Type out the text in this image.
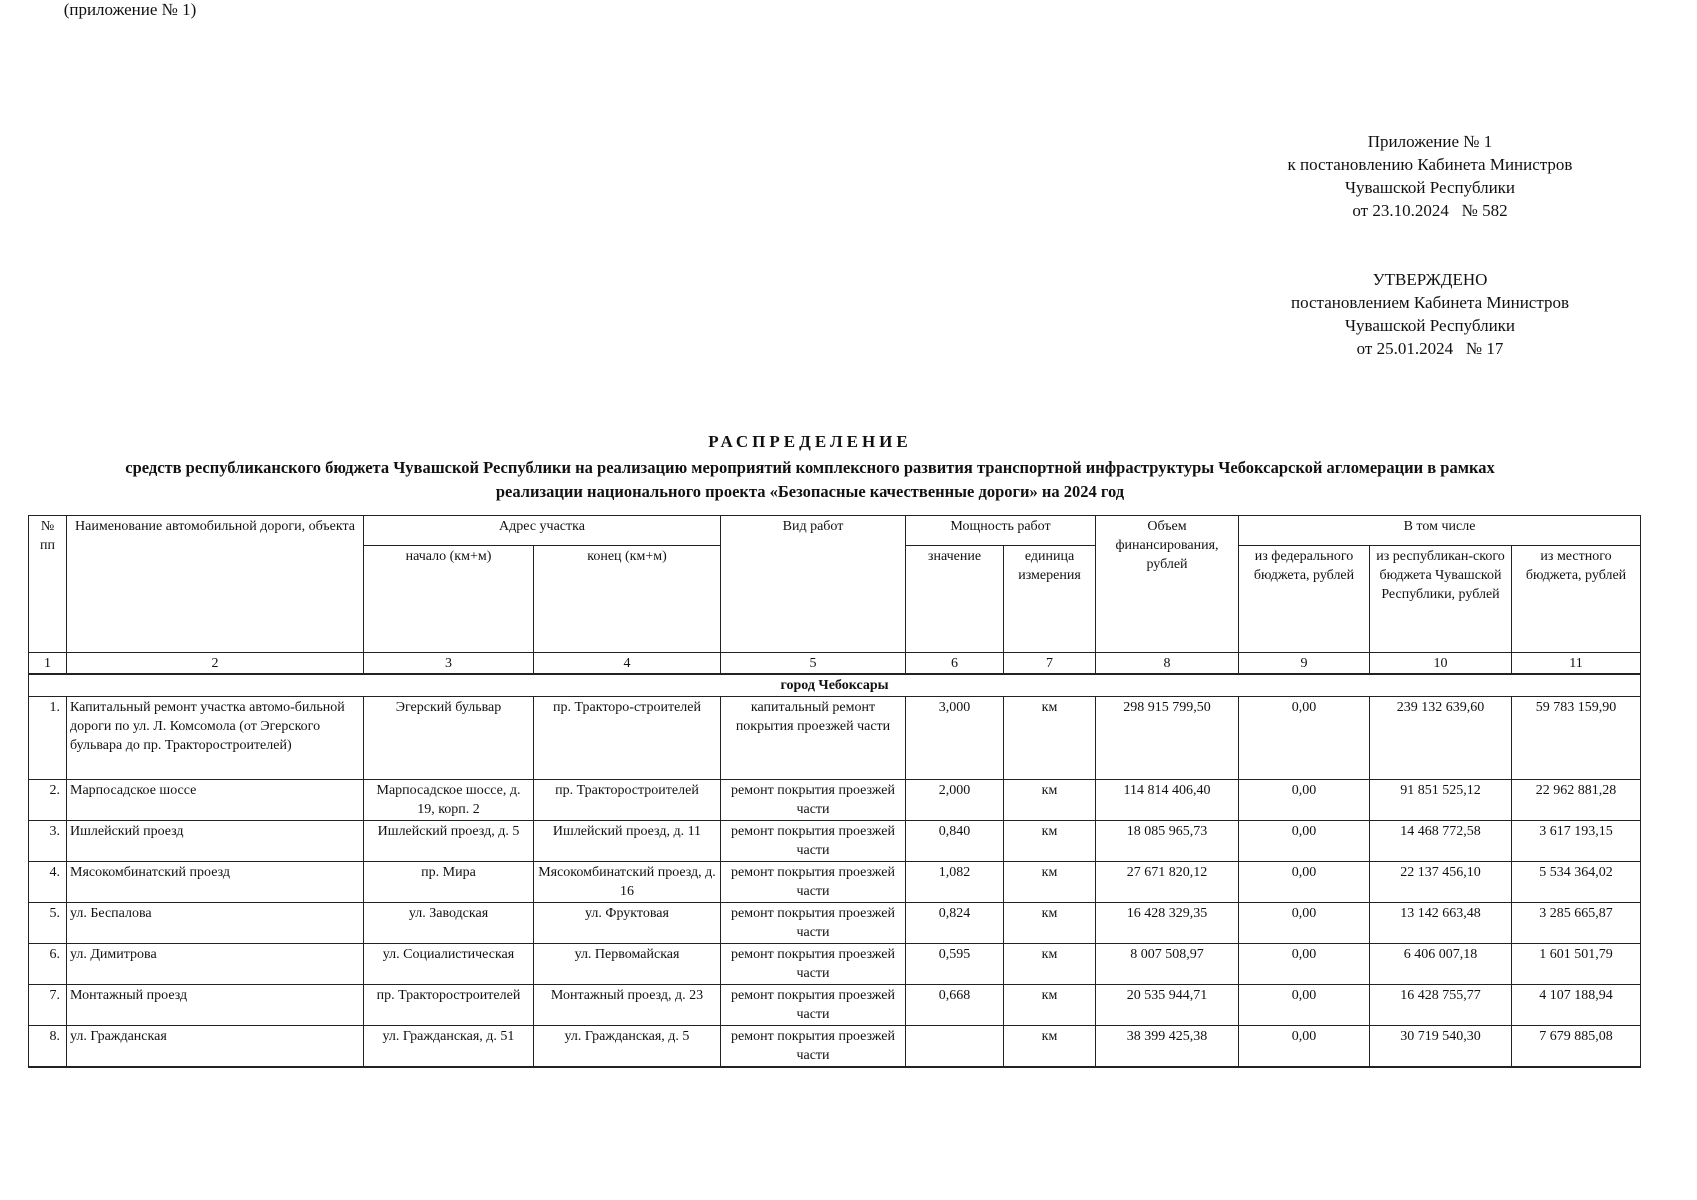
Приложение № 1
к постановлению Кабинета Министров
Чувашской Республики
от 23.10.2024   № 582
УТВЕРЖДЕНО
постановлением Кабинета Министров
Чувашской Республики
от 25.01.2024   № 17
(приложение № 1)
РАСПРЕДЕЛЕНИЕ
средств республиканского бюджета Чувашской Республики на реализацию мероприятий комплексного развития транспортной инфраструктуры Чебоксарской агломерации в рамках
реализации национального проекта «Безопасные качественные дороги» на 2024 год
№ пп	Наименование автомобильной дороги, объекта	Адрес участка		Вид работ	Мощность работ		Объем финансирования, рублей	В том числе		
		начало (км+м)	конец (км+м)		значение	единица измерения		из федерального бюджета, рублей	из республикан-ского бюджета Чувашской Республики, рублей	из местного бюджета, рублей
1	2	3	4	5	6	7	8	9	10	11
город Чебоксары										
1.	Капитальный ремонт участка автомо-бильной дороги по ул. Л. Комсомола (от Эгерского бульвара до пр. Тракторостроителей)	Эгерский бульвар	пр. Тракторо-строителей	капитальный ремонт покрытия проезжей части	3,000	км	298 915 799,50	0,00	239 132 639,60	59 783 159,90
2.	Марпосадское шоссе	Марпосадское шоссе, д. 19, корп. 2	пр. Тракторостроителей	ремонт покрытия проезжей части	2,000	км	114 814 406,40	0,00	91 851 525,12	22 962 881,28
3.	Ишлейский проезд	Ишлейский проезд, д. 5	Ишлейский проезд, д. 11	ремонт покрытия проезжей части	0,840	км	18 085 965,73	0,00	14 468 772,58	3 617 193,15
4.	Мясокомбинатский проезд	пр. Мира	Мясокомбинатский проезд, д. 16	ремонт покрытия проезжей части	1,082	км	27 671 820,12	0,00	22 137 456,10	5 534 364,02
5.	ул. Беспалова	ул. Заводская	ул. Фруктовая	ремонт покрытия проезжей части	0,824	км	16 428 329,35	0,00	13 142 663,48	3 285 665,87
6.	ул. Димитрова	ул. Социалистическая	ул. Первомайская	ремонт покрытия проезжей части	0,595	км	8 007 508,97	0,00	6 406 007,18	1 601 501,79
7.	Монтажный проезд	пр. Тракторостроителей	Монтажный проезд, д. 23	ремонт покрытия проезжей части	0,668	км	20 535 944,71	0,00	16 428 755,77	4 107 188,94
8.	ул. Гражданская	ул. Гражданская, д. 51	ул. Гражданская, д. 5	ремонт покрытия проезжей части		км	38 399 425,38	0,00	30 719 540,30	7 679 885,08
